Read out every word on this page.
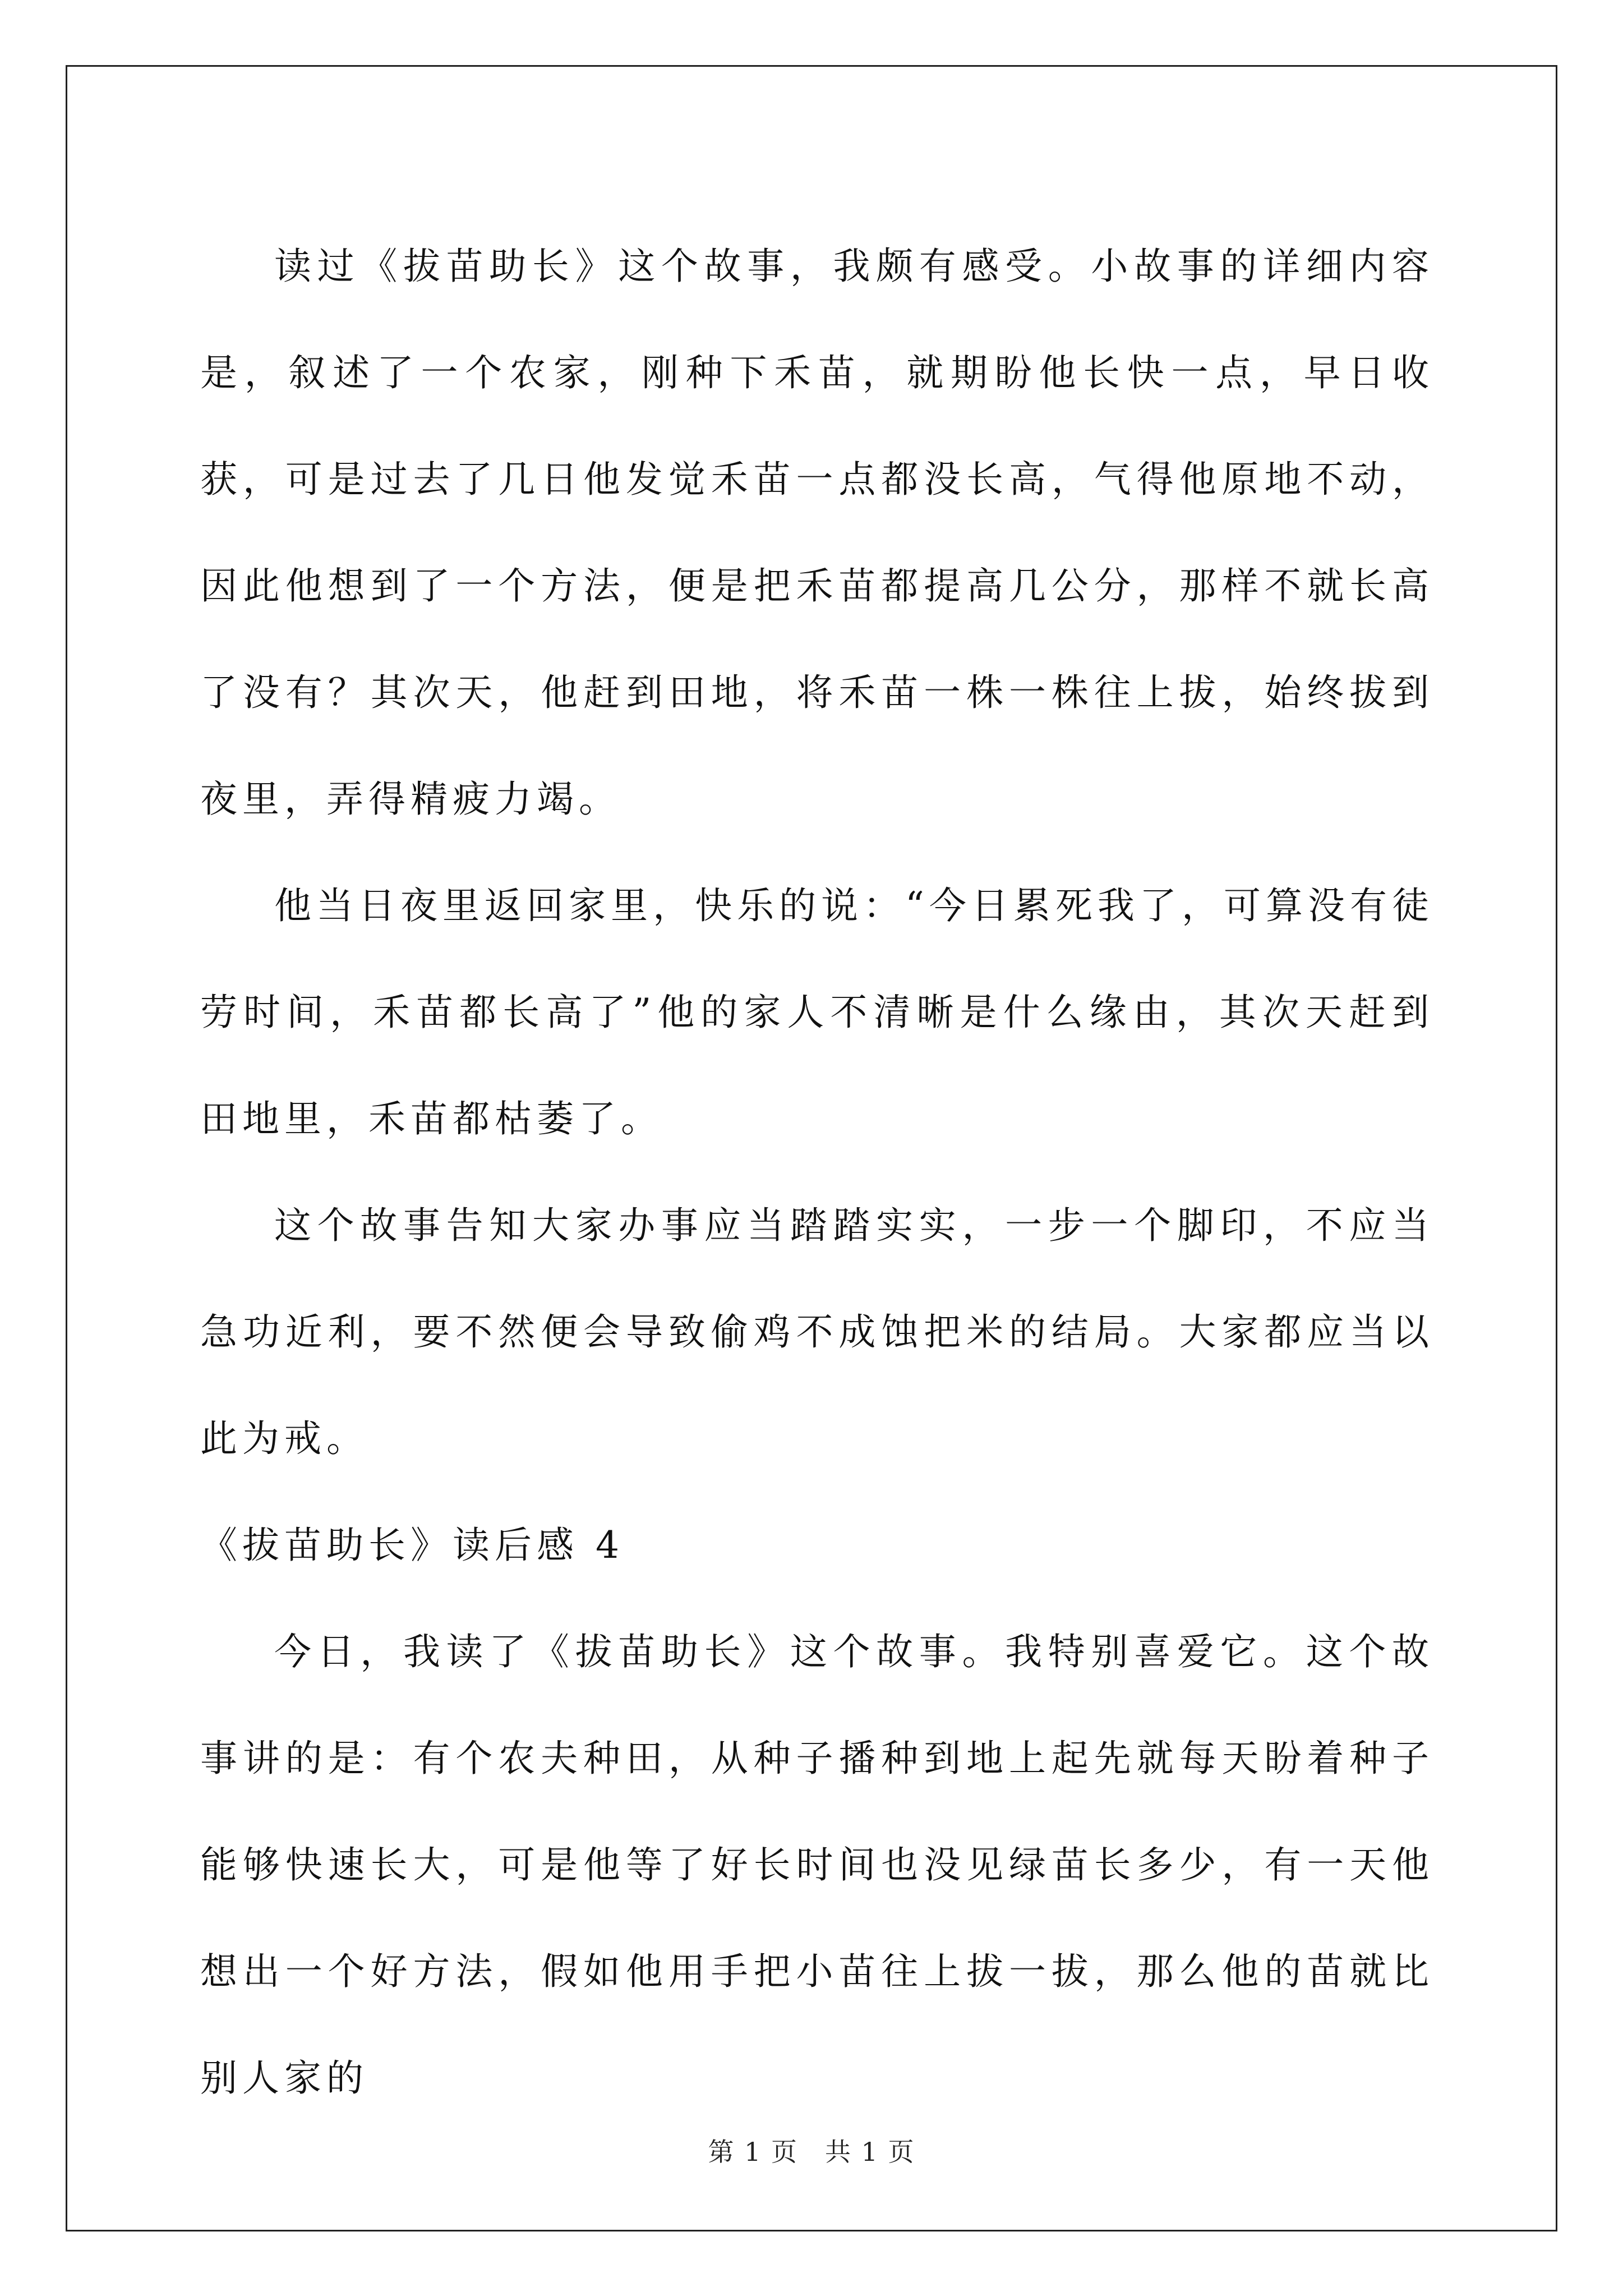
读过《拔苗助长》这个故事，我颇有感受。小故事的详细内容是，叙述了一个农家，刚种下禾苗，就期盼他长快一点，早日收获，可是过去了几日他发觉禾苗一点都没长高，气得他原地不动，因此他想到了一个方法，便是把禾苗都提高几公分，那样不就长高了没有？其次天，他赶到田地，将禾苗一株一株往上拔，始终拔到夜里，弄得精疲力竭。

他当日夜里返回家里，快乐的说：“今日累死我了，可算没有徒劳时间，禾苗都长高了”他的家人不清晰是什么缘由，其次天赶到田地里，禾苗都枯萎了。

这个故事告知大家办事应当踏踏实实，一步一个脚印，不应当急功近利，要不然便会导致偷鸡不成蚀把米的结局。大家都应当以此为戒。

《拔苗助长》读后感 4

今日，我读了《拔苗助长》这个故事。我特别喜爱它。这个故事讲的是：有个农夫种田，从种子播种到地上起先就每天盼着种子能够快速长大，可是他等了好长时间也没见绿苗长多少，有一天他想出一个好方法，假如他用手把小苗往上拔一拔，那么他的苗就比别人家的

第 1 页　共 1 页
